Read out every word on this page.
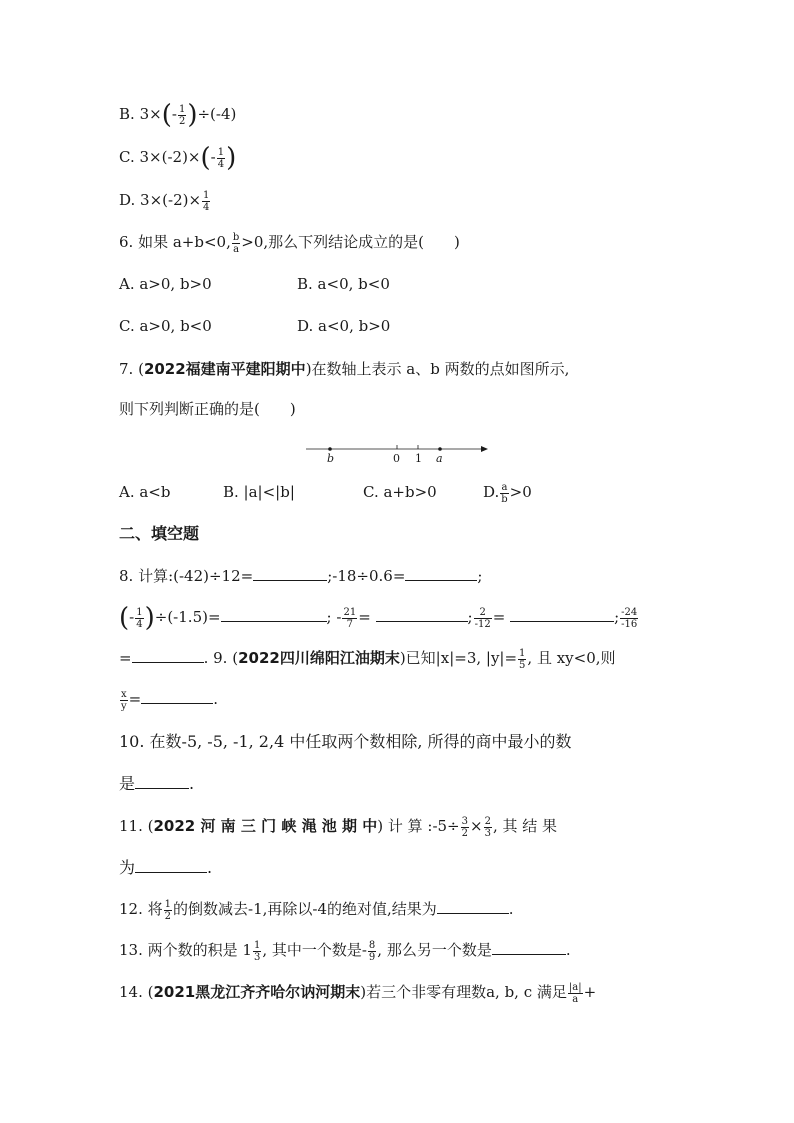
B. $3\times(- \frac{1}{2} )\div(-4)$
C. $3\times(-2)\times(- \frac{1}{4}$ )
D. $3\times(-2)\times \frac{1}{4}$
6. 如果 a+b<0, $\frac{b}{a} >0$,那么下列结论成立的是(　　)
A. a>0, b>0	B. a<0, b<0
C. a>0, b<0	D. a<0, b>0
7. (2022福建南平建阳期中)在数轴上表示 a、b 两数的点如图所示,
则下列判断正确的是(　　)
b	0 1 a
A. a<b	B. |a|<|b|	C. a+b>0	D. $\frac{a}{b} >0$
二、填空题
8. 计算:(-42)÷12=	;-18÷0.6=	;
(- $\frac{1}{4} )\div(-1.5)=$	; - $\frac{21}{7}$ =	; $\frac{2}{-12}$ =	; $\frac{-24}{-16}$
=	. 9. (2022四川绵阳江油期末)已知|x|=3, $|y|= \frac{1}{5}$ , 且 xy<0,则
$\frac{x}{y}$ =	.
10. 在数-5, -5, -1, 2,4 中任取两个数相除, 所得的商中最小的数
是	.
11. (2022 河 南 三 门 峡 渑 池 期 中) 计 算 :-5÷ $\frac{3}{2} \times \frac{2}{3}$ , 其 结 果
为	.
12. 将 $\frac{1}{2}$ 的倒数减去-1,再除以-4的绝对值,结果为	.
13. 两个数的积是 $1 \frac{1}{3}$ , 其中一个数是- $\frac{8}{9}$ , 那么另一个数是	.
14. (2021黑龙江齐齐哈尔讷河期末)若三个非零有理数a, b, c 满足 $\frac{|a|}{a}$ +
